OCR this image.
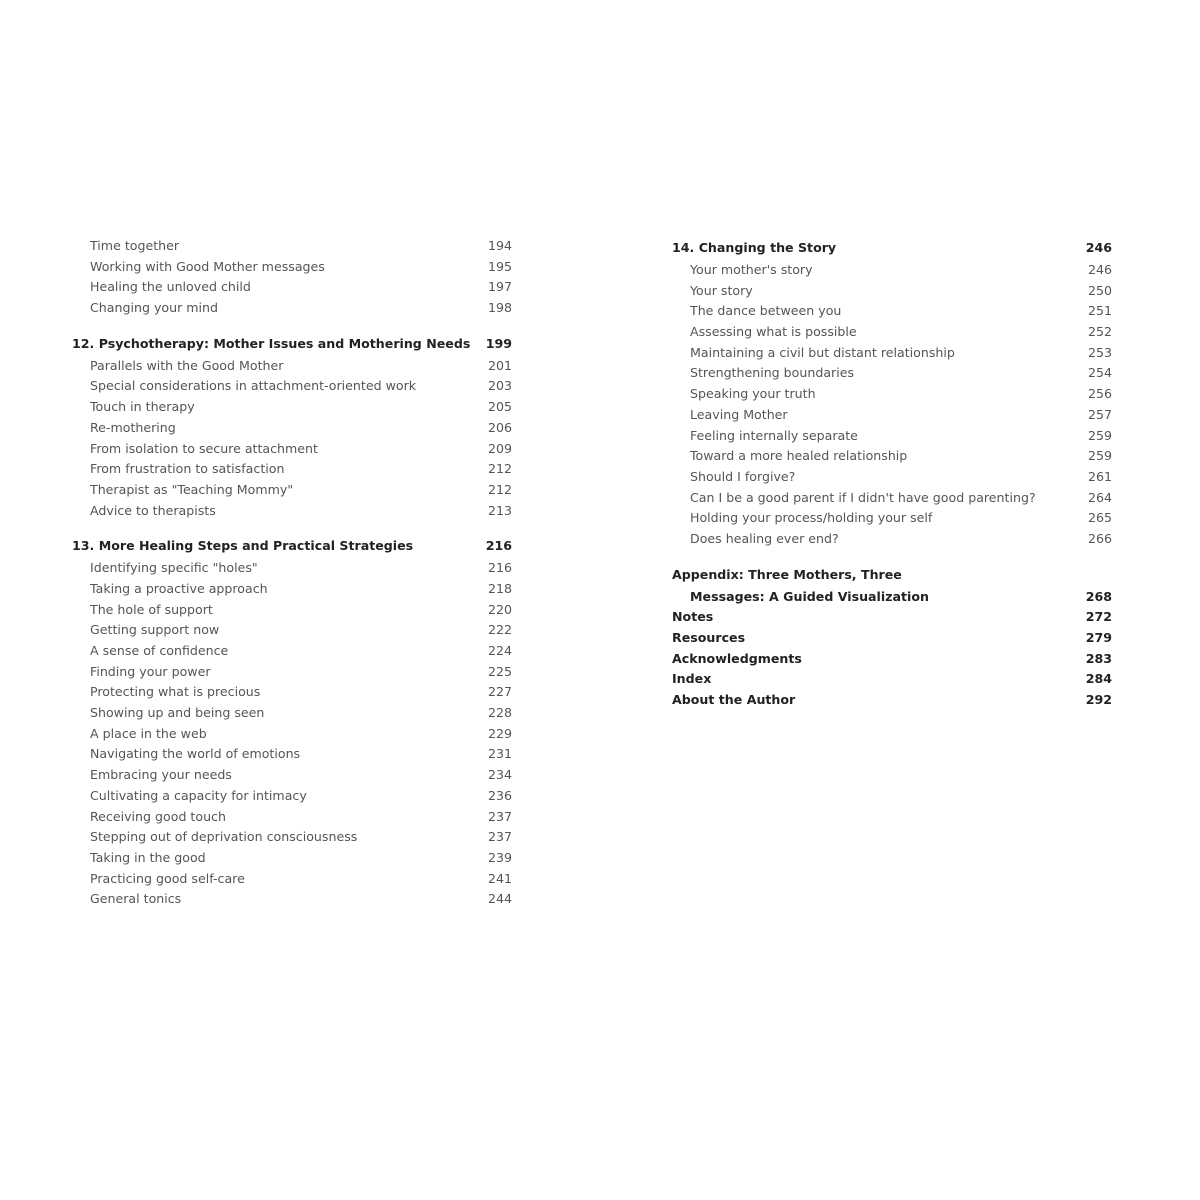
Time together	194
Working with Good Mother messages	195
Healing the unloved child	197
Changing your mind	198
12. Psychotherapy: Mother Issues and Mothering Needs 199
Parallels with the Good Mother	201
Special considerations in attachment-oriented work	203
Touch in therapy	205
Re-mothering	206
From isolation to secure attachment	209
From frustration to satisfaction	212
Therapist as "Teaching Mommy"	212
Advice to therapists	213
13. More Healing Steps and Practical Strategies	216
Identifying specific "holes"	216
Taking a proactive approach	218
The hole of support	220
Getting support now	222
A sense of confidence	224
Finding your power	225
Protecting what is precious	227
Showing up and being seen	228
A place in the web	229
Navigating the world of emotions	231
Embracing your needs	234
Cultivating a capacity for intimacy	236
Receiving good touch	237
Stepping out of deprivation consciousness	237
Taking in the good	239
Practicing good self-care	241
General tonics	244
14. Changing the Story	246
Your mother's story	246
Your story	250
The dance between you	251
Assessing what is possible	252
Maintaining a civil but distant relationship	253
Strengthening boundaries	254
Speaking your truth	256
Leaving Mother	257
Feeling internally separate	259
Toward a more healed relationship	259
Should I forgive?	261
Can I be a good parent if I didn't have good parenting?	264
Holding your process/holding your self	265
Does healing ever end?	266
Appendix: Three Mothers, Three
Messages: A Guided Visualization	268
Notes	272
Resources	279
Acknowledgments	283
Index	284
About the Author	292
